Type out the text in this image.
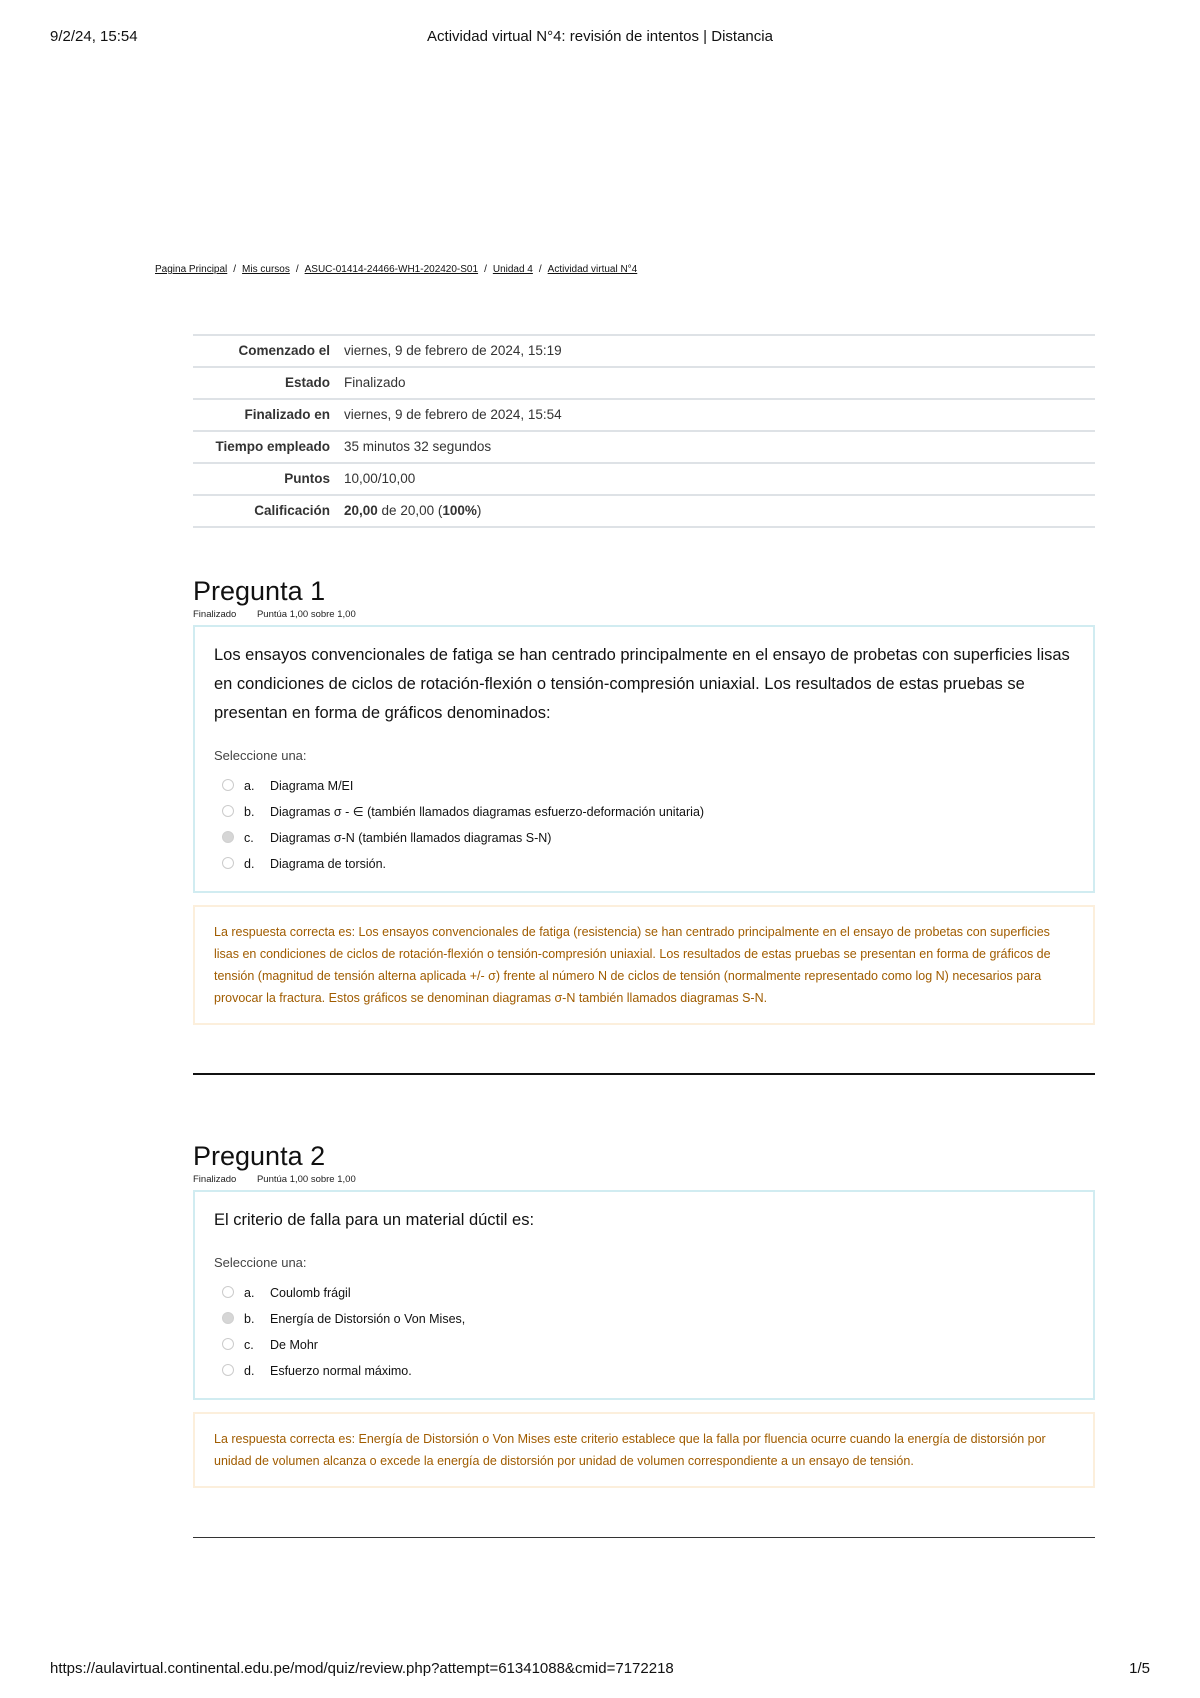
9/2/24, 15:54	Actividad virtual N°4: revisión de intentos | Distancia
Pagina Principal / Mis cursos / ASUC-01414-24466-WH1-202420-S01 / Unidad 4 / Actividad virtual N°4
Comenzado el	viernes, 9 de febrero de 2024, 15:19
Estado	Finalizado
Finalizado en	viernes, 9 de febrero de 2024, 15:54
Tiempo empleado	35 minutos 32 segundos
Puntos	10,00/10,00
Calificación	20,00 de 20,00 (100%)
Pregunta 1
Finalizado Puntúa 1,00 sobre 1,00
Los ensayos convencionales de fatiga se han centrado principalmente en el ensayo de probetas con superficies lisas en condiciones de ciclos de rotación-flexión o tensión-compresión uniaxial. Los resultados de estas pruebas se presentan en forma de gráficos denominados:
Seleccione una:
a. Diagrama M/EI
b. Diagramas σ - ∈ (también llamados diagramas esfuerzo-deformación unitaria)
c. Diagramas σ-N (también llamados diagramas S-N)
d. Diagrama de torsión.
La respuesta correcta es: Los ensayos convencionales de fatiga (resistencia) se han centrado principalmente en el ensayo de probetas con superficies lisas en condiciones de ciclos de rotación-flexión o tensión-compresión uniaxial. Los resultados de estas pruebas se presentan en forma de gráficos de tensión (magnitud de tensión alterna aplicada +/- σ) frente al número N de ciclos de tensión (normalmente representado como log N) necesarios para provocar la fractura. Estos gráficos se denominan diagramas σ-N también llamados diagramas S-N.
Pregunta 2
Finalizado Puntúa 1,00 sobre 1,00
El criterio de falla para un material dúctil es:
Seleccione una:
a. Coulomb frágil
b. Energía de Distorsión o Von Mises,
c. De Mohr
d. Esfuerzo normal máximo.
La respuesta correcta es: Energía de Distorsión o Von Mises este criterio establece que la falla por fluencia ocurre cuando la energía de distorsión por unidad de volumen alcanza o excede la energía de distorsión por unidad de volumen correspondiente a un ensayo de tensión.
https://aulavirtual.continental.edu.pe/mod/quiz/review.php?attempt=61341088&cmid=7172218	1/5
